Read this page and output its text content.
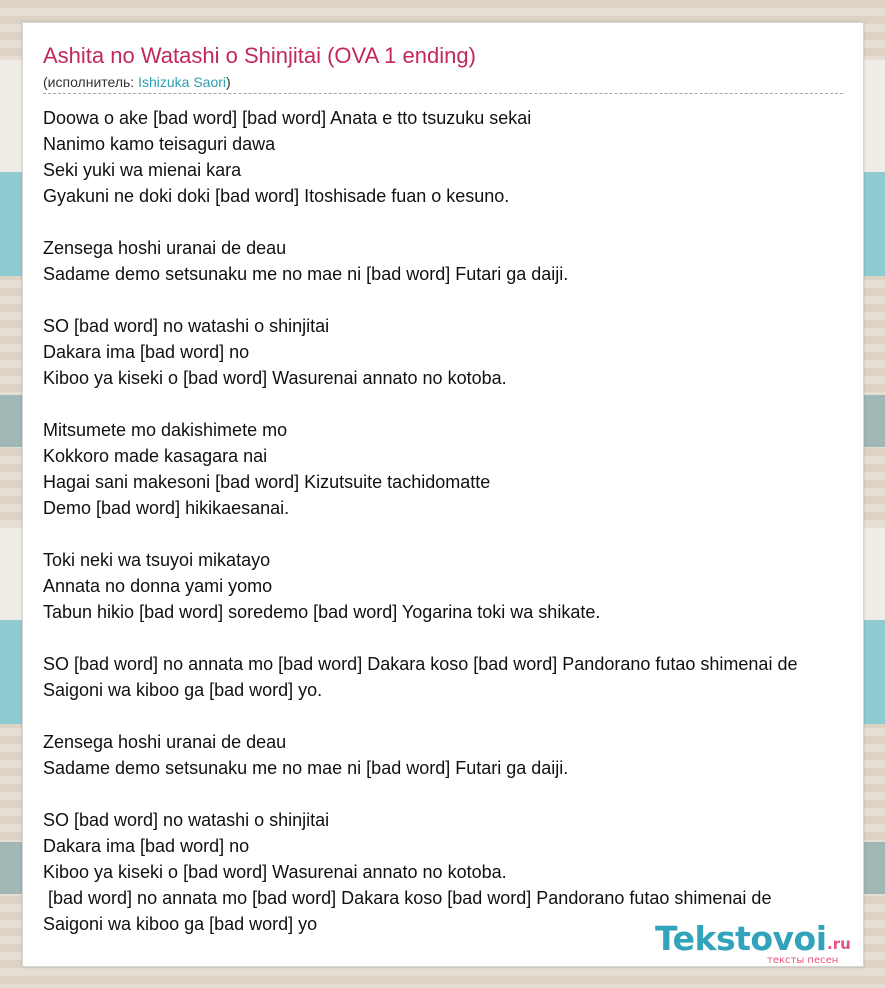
Ashita no Watashi o Shinjitai (OVA 1 ending)
(исполнитель: Ishizuka Saori)
Doowa o ake [bad word] [bad word] Anata e tto tsuzuku sekai
Nanimo kamo teisaguri dawa
Seki yuki wa mienai kara
Gyakuni ne doki doki [bad word] Itoshisade fuan o kesuno.
Zensega hoshi uranai de deau
Sadame demo setsunaku me no mae ni [bad word] Futari ga daiji.
SO [bad word] no watashi o shinjitai
Dakara ima [bad word] no
Kiboo ya kiseki o [bad word] Wasurenai annato no kotoba.
Mitsumete mo dakishimete mo
Kokkoro made kasagara nai
Hagai sani makesoni [bad word] Kizutsuite tachidomatte
Demo [bad word] hikikaesanai.
Toki neki wa tsuyoi mikatayo
Annata no donna yami yomo
Tabun hikio [bad word] soredemo [bad word] Yogarina toki wa shikate.
SO [bad word] no annata mo [bad word] Dakara koso [bad word] Pandorano futao shimenai de
Saigoni wa kiboo ga [bad word] yo.
Zensega hoshi uranai de deau
Sadame demo setsunaku me no mae ni [bad word] Futari ga daiji.
SO [bad word] no watashi o shinjitai
Dakara ima [bad word] no
Kiboo ya kiseki o [bad word] Wasurenai annato no kotoba.
[bad word] no annata mo [bad word] Dakara koso [bad word] Pandorano futao shimenai de
Saigoni wa kiboo ga [bad word] yo	Tekstovoi .ru
тексты песен
